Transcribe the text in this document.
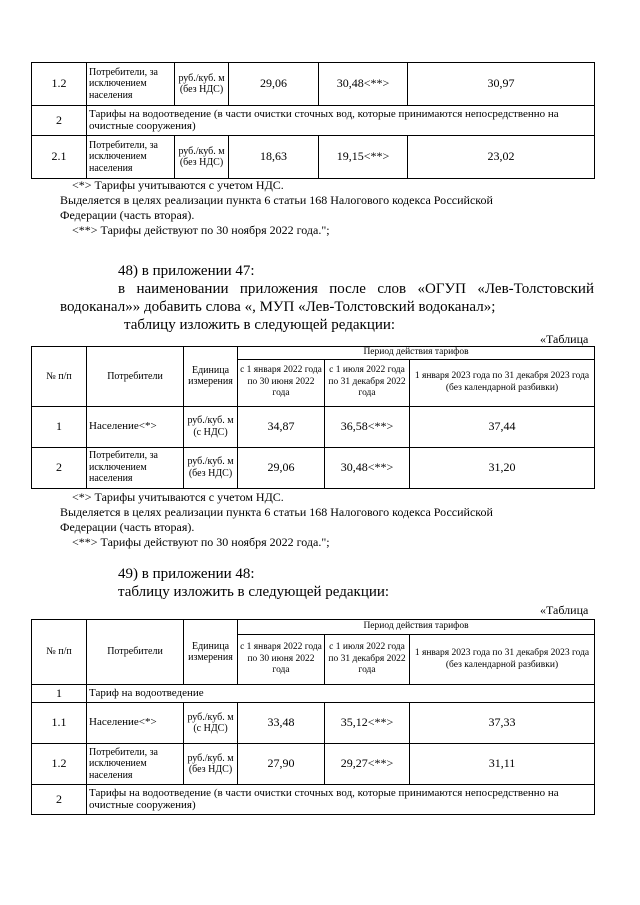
1.2	Потребители, за исключением населения	руб./куб. м (без НДС)	29,06	30,48<**>	30,97
2	Тарифы на водоотведение (в части очистки сточных вод, которые принимаются непосредственно на очистные сооружения)				
2.1	Потребители, за исключением населения	руб./куб. м (без НДС)	18,63	19,15<**>	23,02
<*> Тарифы учитываются с учетом НДС.
Выделяется в целях реализации пункта 6 статьи 168 Налогового кодекса Российской
Федерации (часть вторая).
<**> Тарифы действуют по 30 ноября 2022 года.";
48) в приложении 47:
в наименовании приложения после слов «ОГУП «Лев-Толстовский
водоканал»» добавить слова «, МУП «Лев-Толстовский водоканал»;
таблицу изложить в следующей редакции:
«Таблица
№ п/п	Потребители	Единица измерения	Период действия тарифов		
			с 1 января 2022 года по 30 июня 2022 года	с 1 июля 2022 года по 31 декабря 2022 года	1 января 2023 года по 31 декабря 2023 года (без календарной разбивки)
1	Население<*>	руб./куб. м (с НДС)	34,87	36,58<**>	37,44
2	Потребители, за исключением населения	руб./куб. м (без НДС)	29,06	30,48<**>	31,20
<*> Тарифы учитываются с учетом НДС.
Выделяется в целях реализации пункта 6 статьи 168 Налогового кодекса Российской
Федерации (часть вторая).
<**> Тарифы действуют по 30 ноября 2022 года.";
49) в приложении 48:
таблицу изложить в следующей редакции:
«Таблица
№ п/п	Потребители	Единица измерения	Период действия тарифов		
			с 1 января 2022 года по 30 июня 2022 года	с 1 июля 2022 года по 31 декабря 2022 года	1 января 2023 года по 31 декабря 2023 года (без календарной разбивки)
1	Тариф на водоотведение				
1.1	Население<*>	руб./куб. м (с НДС)	33,48	35,12<**>	37,33
1.2	Потребители, за исключением населения	руб./куб. м (без НДС)	27,90	29,27<**>	31,11
2	Тарифы на водоотведение (в части очистки сточных вод, которые принимаются непосредственно на очистные сооружения)				
